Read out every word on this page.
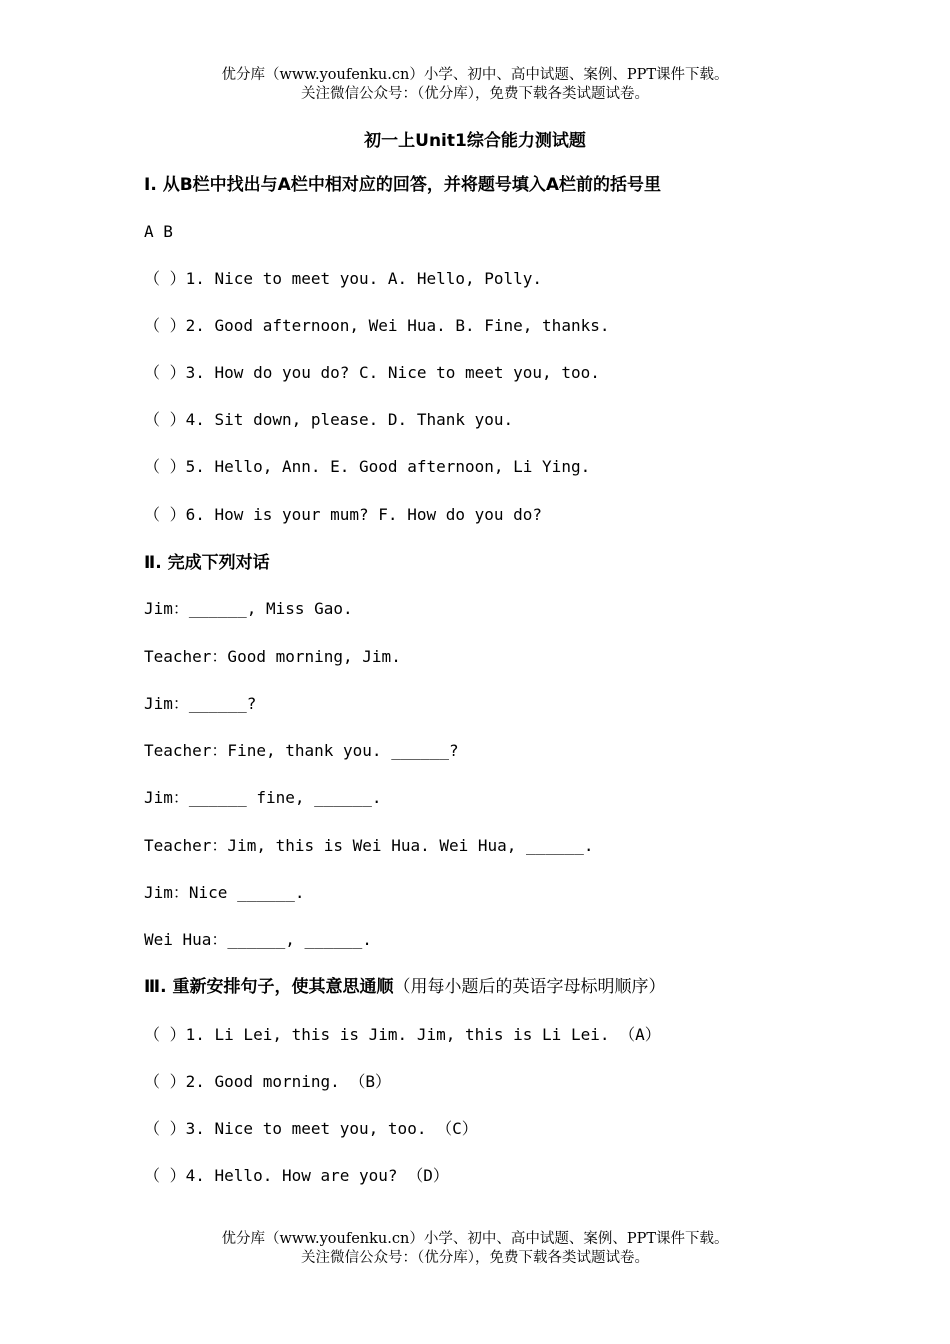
优分库（www.youfenku.cn）小学、初中、高中试题、案例、PPT课件下载。
关注微信公众号：（优分库），免费下载各类试题试卷。
初一上Unit1综合能力测试题
Ⅰ. 从B栏中找出与A栏中相对应的回答，并将题号填入A栏前的括号里
A B
（ ）1. Nice to meet you. A. Hello, Polly.
（ ）2. Good afternoon, Wei Hua. B. Fine, thanks.
（ ）3. How do you do? C. Nice to meet you, too.
（ ）4. Sit down, please. D. Thank you.
（ ）5. Hello, Ann. E. Good afternoon, Li Ying.
（ ）6. How is your mum? F. How do you do?
Ⅱ. 完成下列对话
Jim：______, Miss Gao.
Teacher：Good morning, Jim.
Jim：______?
Teacher：Fine, thank you. ______?
Jim：______ fine, ______.
Teacher：Jim, this is Wei Hua. Wei Hua, ______.
Jim：Nice ______.
Wei Hua：______, ______.
Ⅲ. 重新安排句子，使其意思通顺（用每小题后的英语字母标明顺序）
（ ）1. Li Lei, this is Jim. Jim, this is Li Lei. （A）
（ ）2. Good morning. （B）
（ ）3. Nice to meet you, too. （C）
（ ）4. Hello. How are you? （D）
优分库（www.youfenku.cn）小学、初中、高中试题、案例、PPT课件下载。
关注微信公众号：（优分库），免费下载各类试题试卷。
